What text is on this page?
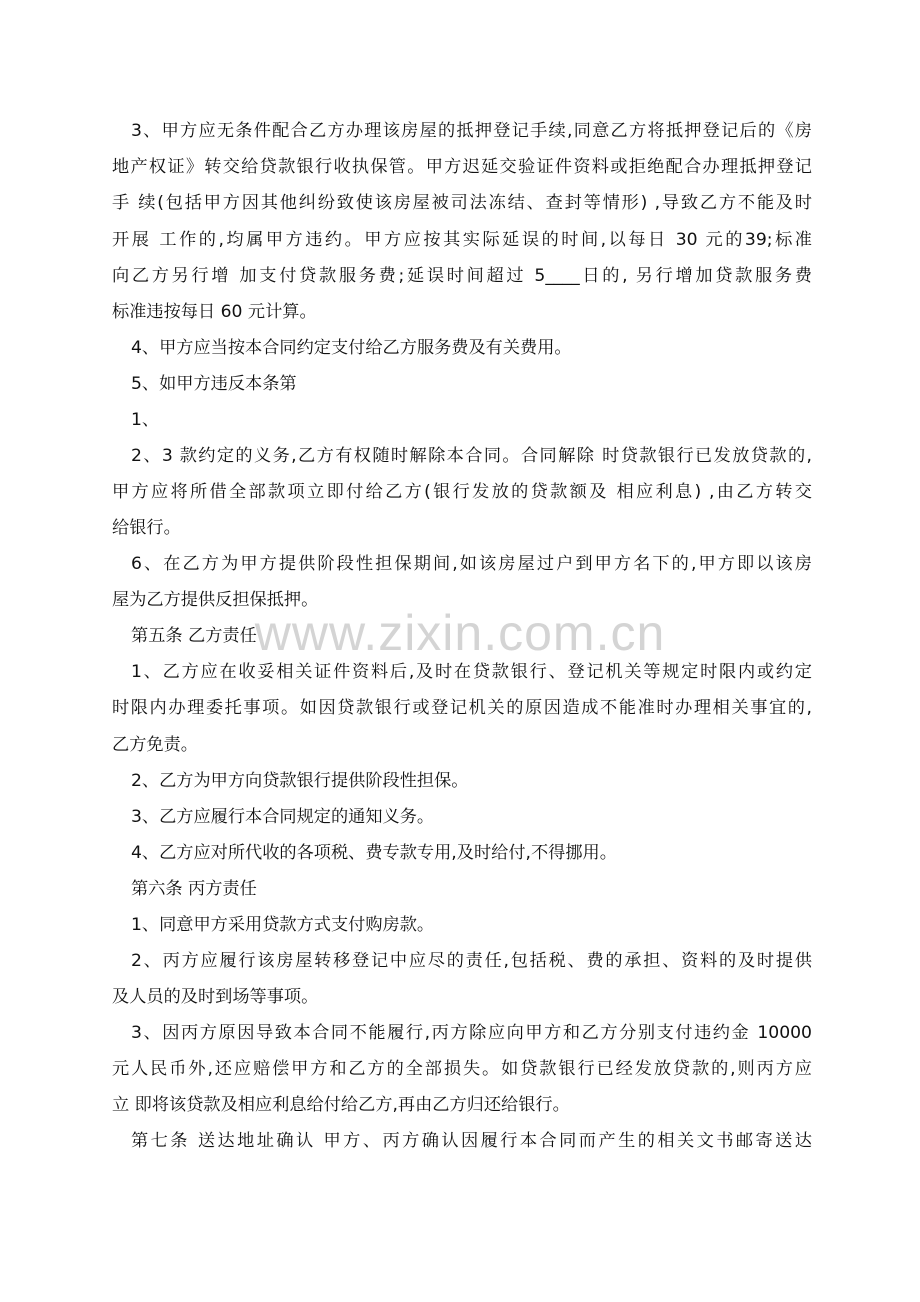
www.zixin.com.cn
3、甲方应无条件配合乙方办理该房屋的抵押登记手续,同意乙方将抵押登记后的《房
地产权证》转交给贷款银行收执保管。甲方迟延交验证件资料或拒绝配合办理抵押登记
手 续(包括甲方因其他纠纷致使该房屋被司法冻结、查封等情形) ,导致乙方不能及时
开展 工作的,均属甲方违约。甲方应按其实际延误的时间,以每日 30 元的39;标准
向乙方另行增 加支付贷款服务费;延误时间超过 5____日的, 另行增加贷款服务费
标准违按每日 60 元计算。
4、甲方应当按本合同约定支付给乙方服务费及有关费用。
5、如甲方违反本条第
1、
2、3 款约定的义务,乙方有权随时解除本合同。合同解除 时贷款银行已发放贷款的,
甲方应将所借全部款项立即付给乙方(银行发放的贷款额及 相应利息) ,由乙方转交
给银行。
6、在乙方为甲方提供阶段性担保期间,如该房屋过户到甲方名下的,甲方即以该房
屋为乙方提供反担保抵押。
第五条 乙方责任
1、乙方应在收妥相关证件资料后,及时在贷款银行、登记机关等规定时限内或约定
时限内办理委托事项。如因贷款银行或登记机关的原因造成不能准时办理相关事宜的,
乙方免责。
2、乙方为甲方向贷款银行提供阶段性担保。
3、乙方应履行本合同规定的通知义务。
4、乙方应对所代收的各项税、费专款专用,及时给付,不得挪用。
第六条 丙方责任
1、同意甲方采用贷款方式支付购房款。
2、丙方应履行该房屋转移登记中应尽的责任,包括税、费的承担、资料的及时提供
及人员的及时到场等事项。
3、因丙方原因导致本合同不能履行,丙方除应向甲方和乙方分别支付违约金 10000
元人民币外,还应赔偿甲方和乙方的全部损失。如贷款银行已经发放贷款的,则丙方应
立 即将该贷款及相应利息给付给乙方,再由乙方归还给银行。
第七条 送达地址确认 甲方、丙方确认因履行本合同而产生的相关文书邮寄送达
